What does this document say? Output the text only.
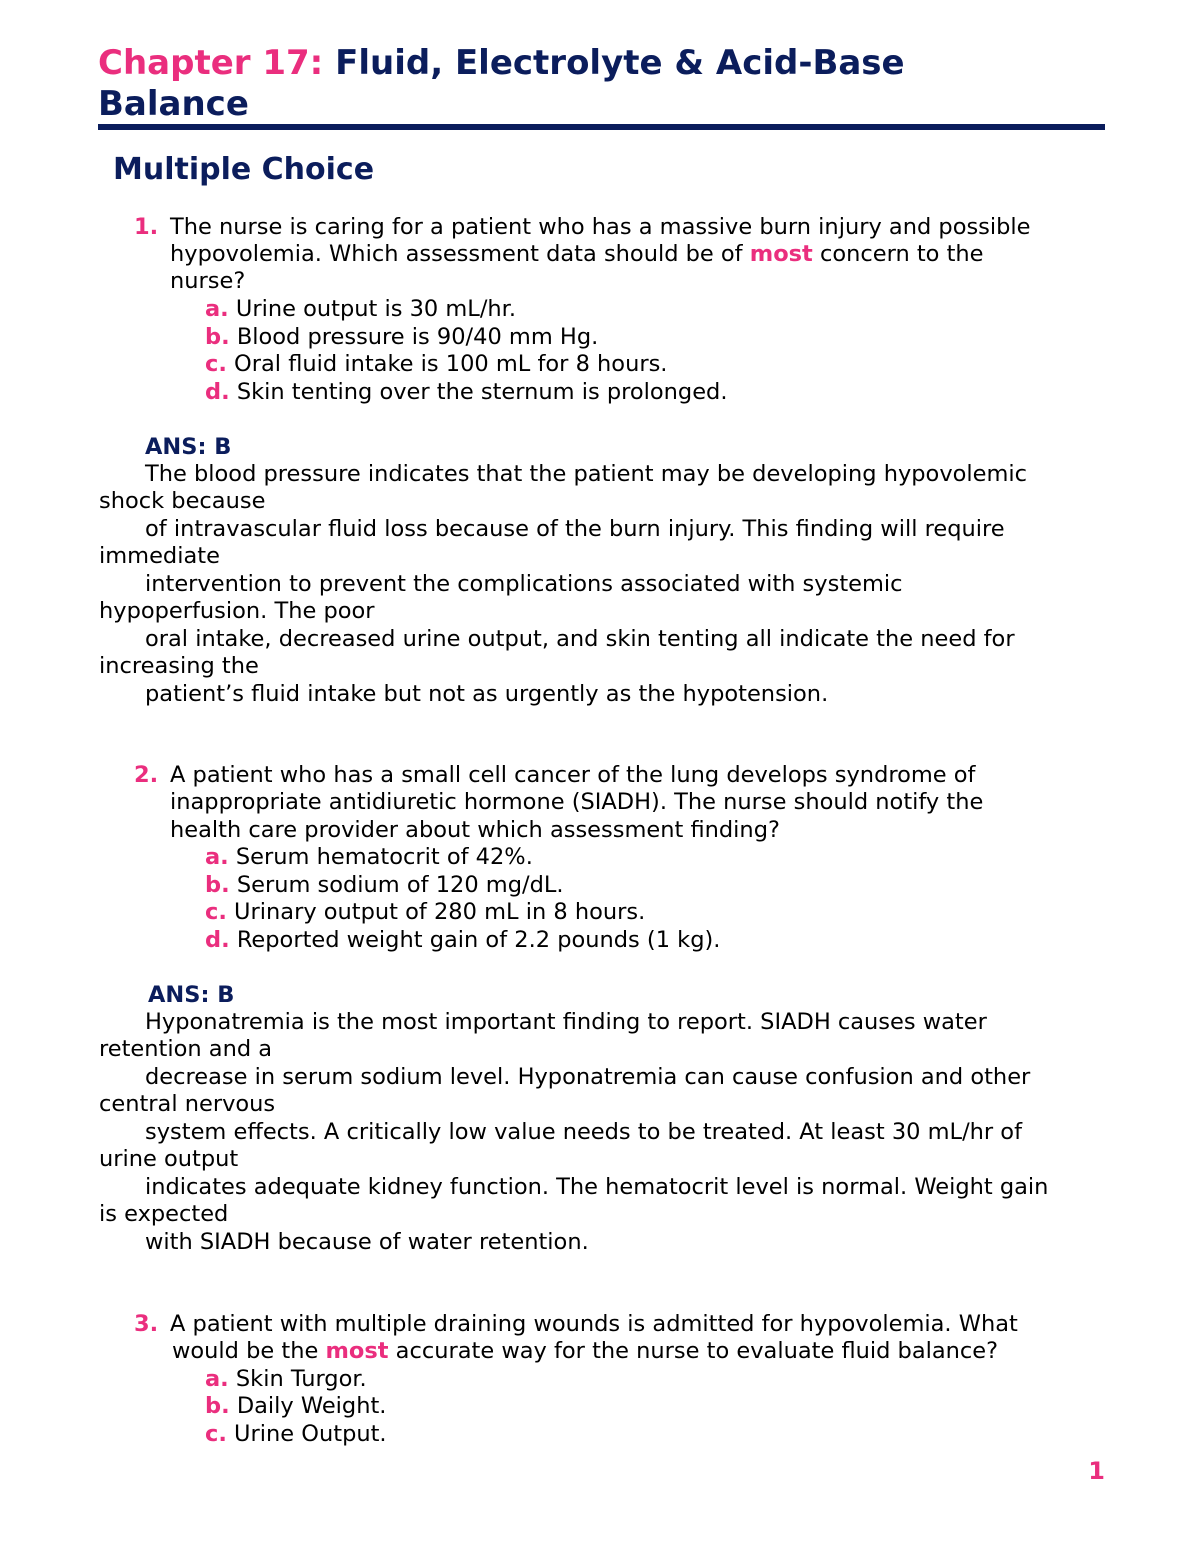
Chapter 17: Fluid, Electrolyte & Acid-Base
Balance
Multiple Choice
1. The nurse is caring for a patient who has a massive burn injury and possible
hypovolemia. Which assessment data should be of most concern to the
nurse?
a. Urine output is 30 mL/hr.
b. Blood pressure is 90/40 mm Hg.
c. Oral fluid intake is 100 mL for 8 hours.
d. Skin tenting over the sternum is prolonged.
ANS: B
The blood pressure indicates that the patient may be developing hypovolemic
shock because
of intravascular fluid loss because of the burn injury. This finding will require
immediate
intervention to prevent the complications associated with systemic
hypoperfusion. The poor
oral intake, decreased urine output, and skin tenting all indicate the need for
increasing the
patient’s fluid intake but not as urgently as the hypotension.
2. A patient who has a small cell cancer of the lung develops syndrome of
inappropriate antidiuretic hormone (SIADH). The nurse should notify the
health care provider about which assessment finding?
a. Serum hematocrit of 42%.
b. Serum sodium of 120 mg/dL.
c. Urinary output of 280 mL in 8 hours.
d. Reported weight gain of 2.2 pounds (1 kg).
ANS: B
Hyponatremia is the most important finding to report. SIADH causes water
retention and a
decrease in serum sodium level. Hyponatremia can cause confusion and other
central nervous
system effects. A critically low value needs to be treated. At least 30 mL/hr of
urine output
indicates adequate kidney function. The hematocrit level is normal. Weight gain
is expected
with SIADH because of water retention.
3. A patient with multiple draining wounds is admitted for hypovolemia. What
would be the most accurate way for the nurse to evaluate fluid balance?
a. Skin Turgor.
b. Daily Weight.
c. Urine Output.
1
